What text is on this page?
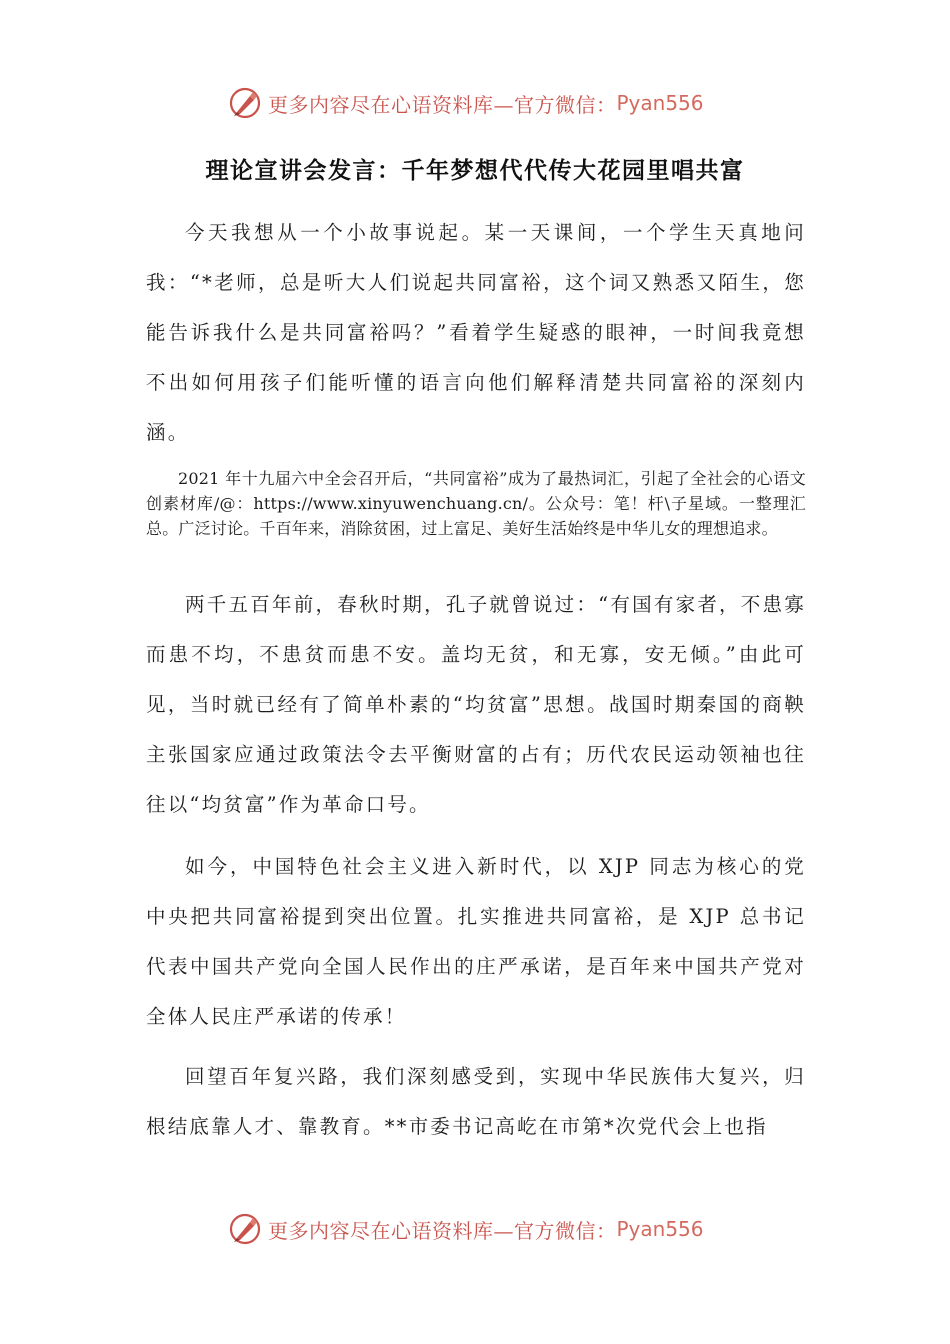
更多内容尽在心语资料库—官方微信： Pyan556
理论宣讲会发言：千年梦想代代传大花园里唱共富

今天我想从一个小故事说起。某一天课间，一个学生天真地问我：“*老师，总是听大人们说起共同富裕，这个词又熟悉又陌生，您能告诉我什么是共同富裕吗？”看着学生疑惑的眼神，一时间我竟想不出如何用孩子们能听懂的语言向他们解释清楚共同富裕的深刻内涵。

2021 年十九届六中全会召开后，“共同富裕”成为了最热词汇，引起了全社会的心语文创素材库/@：https://www.xinyuwenchuang.cn/。公众号：笔！杆\子星域。一整理汇总。广泛讨论。千百年来，消除贫困，过上富足、美好生活始终是中华儿女的理想追求。

两千五百年前，春秋时期，孔子就曾说过：“有国有家者，不患寡而患不均，不患贫而患不安。盖均无贫，和无寡，安无倾。”由此可见，当时就已经有了简单朴素的“均贫富”思想。战国时期秦国的商鞅主张国家应通过政策法令去平衡财富的占有；历代农民运动领袖也往往以“均贫富”作为革命口号。

如今，中国特色社会主义进入新时代，以 XJP 同志为核心的党中央把共同富裕提到突出位置。扎实推进共同富裕，是 XJP 总书记代表中国共产党向全国人民作出的庄严承诺，是百年来中国共产党对全体人民庄严承诺的传承！

回望百年复兴路，我们深刻感受到，实现中华民族伟大复兴，归根结底靠人才、靠教育。**市委书记高屹在市第*次党代会上也指

更多内容尽在心语资料库—官方微信： Pyan556
